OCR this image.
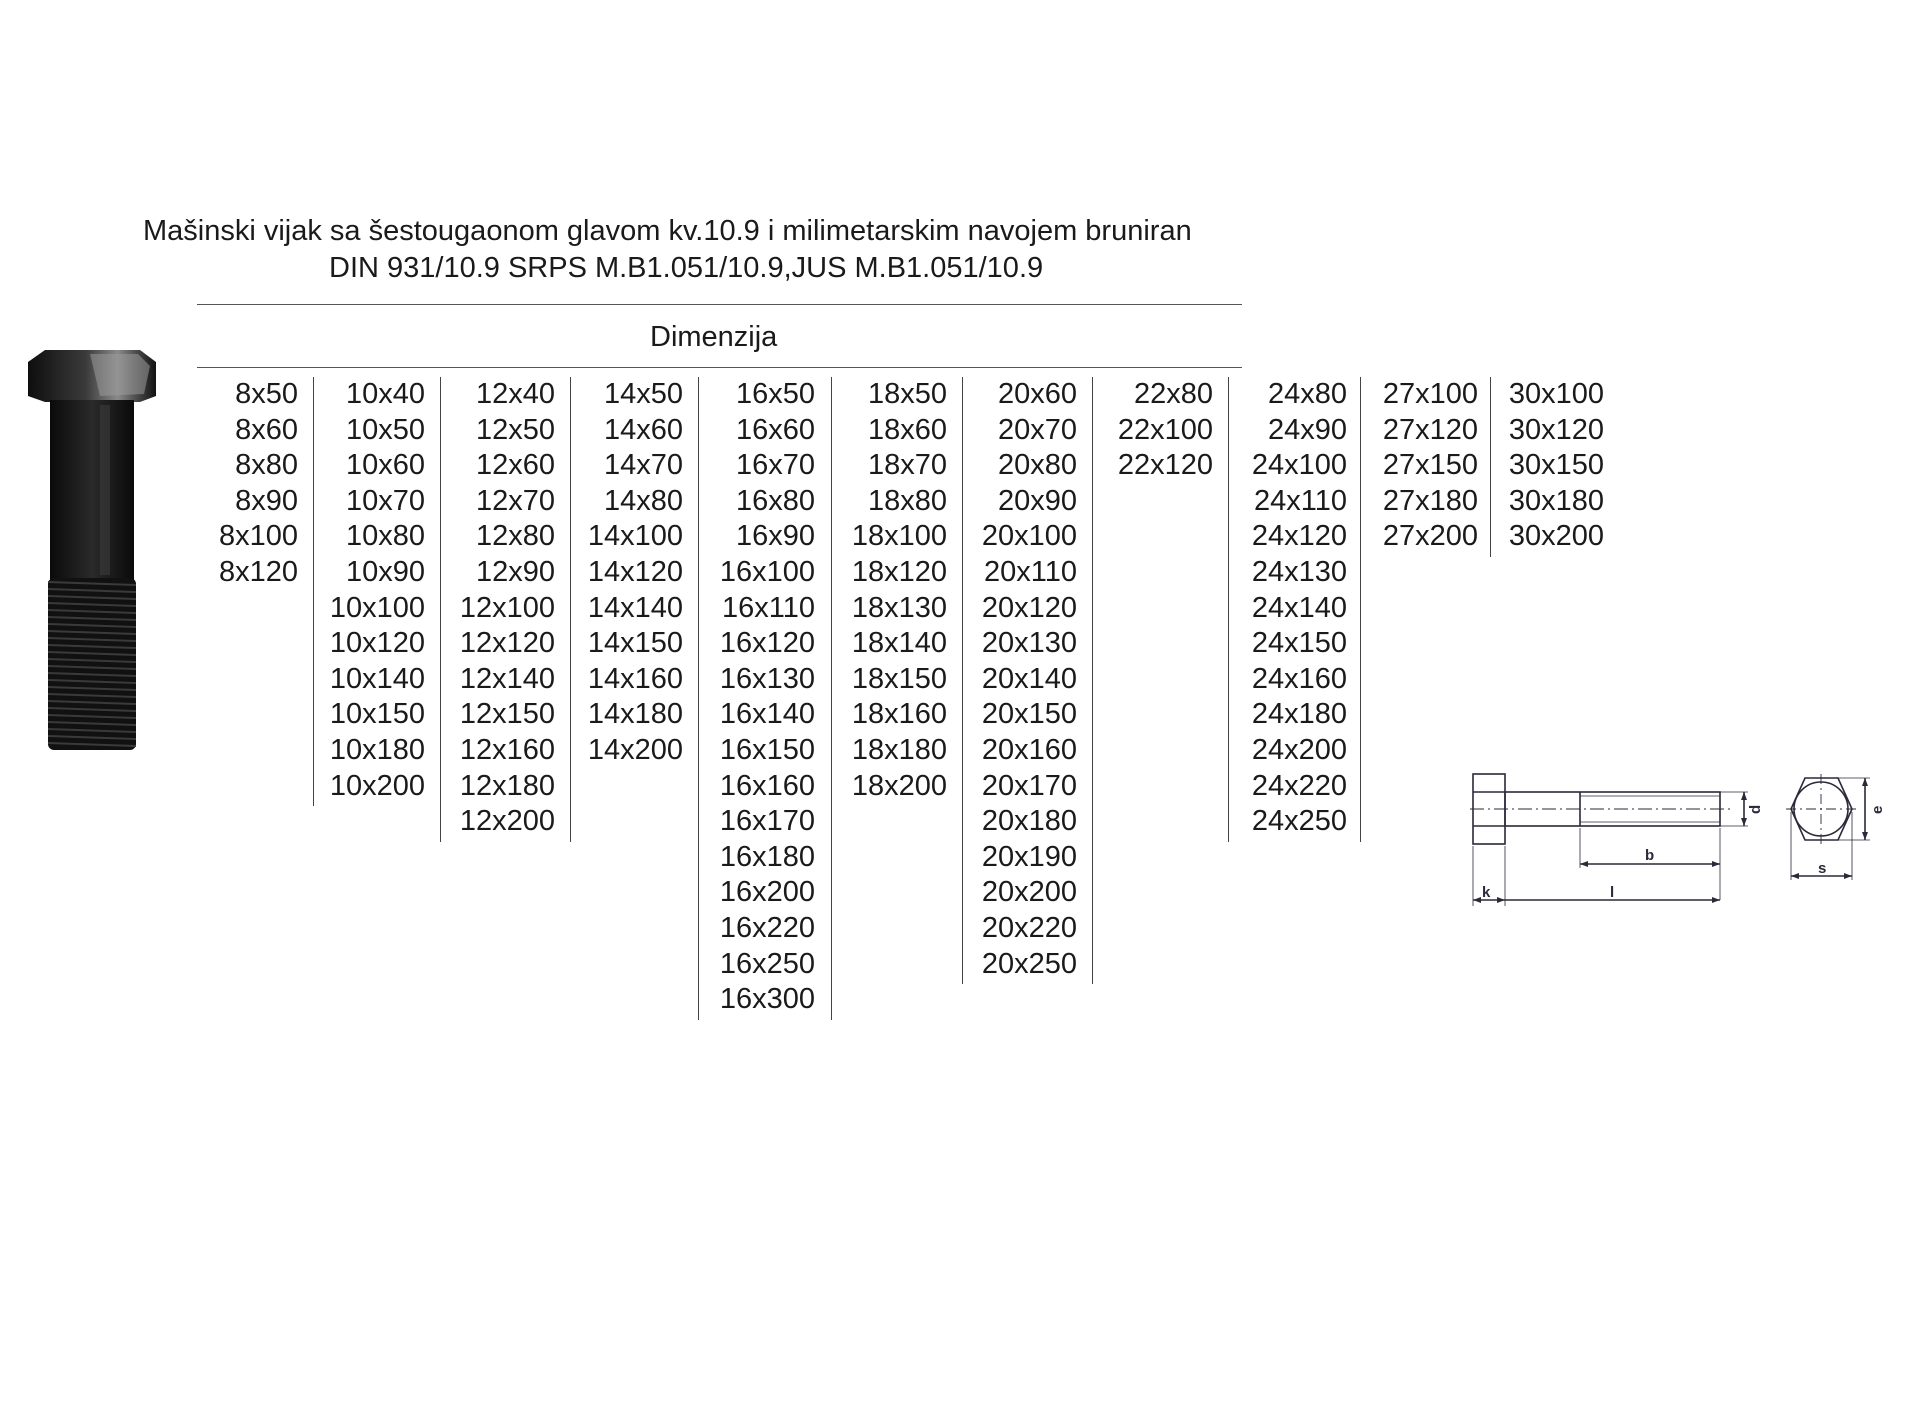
Mašinski vijak sa šestougaonom glavom kv.10.9 i milimetarskim navojem bruniran
DIN 931/10.9 SRPS M.B1.051/10.9,JUS M.B1.051/10.9
Dimenzija
8x50
8x60
8x80
8x90
8x100
8x120
10x40
10x50
10x60
10x70
10x80
10x90
10x100
10x120
10x140
10x150
10x180
10x200
12x40
12x50
12x60
12x70
12x80
12x90
12x100
12x120
12x140
12x150
12x160
12x180
12x200
14x50
14x60
14x70
14x80
14x100
14x120
14x140
14x150
14x160
14x180
14x200
16x50
16x60
16x70
16x80
16x90
16x100
16x110
16x120
16x130
16x140
16x150
16x160
16x170
16x180
16x200
16x220
16x250
16x300
18x50
18x60
18x70
18x80
18x100
18x120
18x130
18x140
18x150
18x160
18x180
18x200
20x60
20x70
20x80
20x90
20x100
20x110
20x120
20x130
20x140
20x150
20x160
20x170
20x180
20x190
20x200
20x220
20x250
22x80
22x100
22x120
24x80
24x90
24x100
24x110
24x120
24x130
24x140
24x150
24x160
24x180
24x200
24x220
24x250
27x100
27x120
27x150
27x180
27x200
30x100
30x120
30x150
30x180
30x200
k	l
b
s
d	e
